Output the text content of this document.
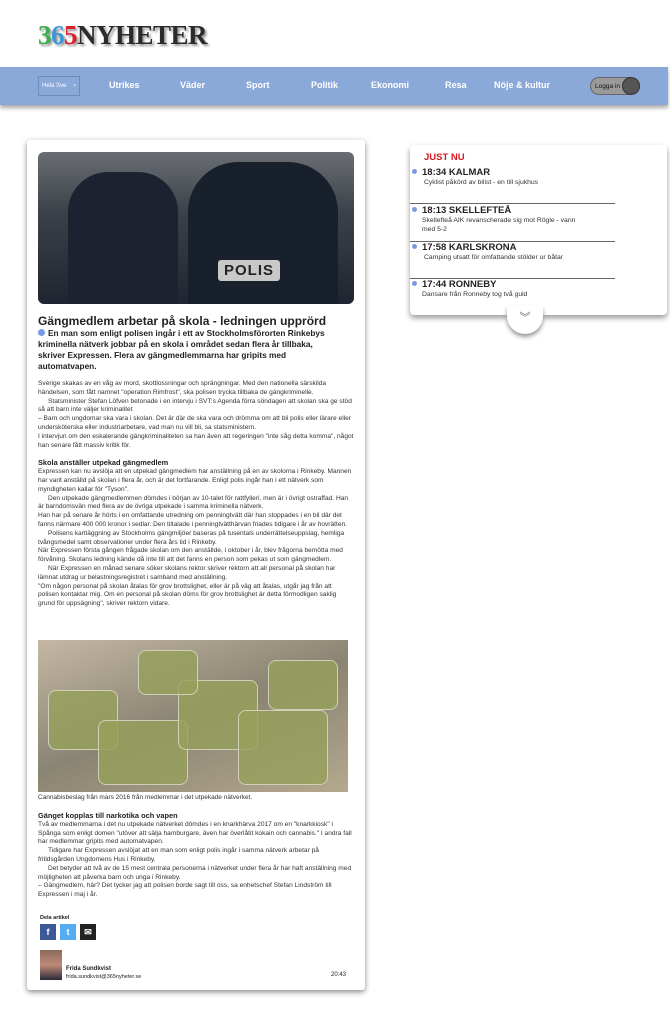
365NYHETER
Hela Sve ▼	Utrikes	Väder	Sport	Politik	Ekonomi	Resa	Nöje & kultur	Logga in
POLIS
Gängmedlem arbetar på skola - ledningen upprörd
En man som enligt polisen ingår i ett av Stockholmsförorten Rinkebys kriminella nätverk jobbar på en skola i området sedan flera år tillbaka, skriver Expressen. Flera av gängmedlemmarna har gripits med automatvapen.

Sverige skakas av en våg av mord, skottlossningar och sprängningar. Med den nationella särskilda händelsen, som fått namnet "operation Rimfrost", ska polisen trycka tillbaka de gängkriminelle.

Statsminister Stefan Löfven betonade i en intervju i SVT:s Agenda förra söndagen att skolan ska ge stöd så att barn inte väljer kriminalitet

– Barn och ungdomar ska vara i skolan. Det är där de ska vara och drömma om att bli polis eller lärare eller undersköterska eller industriarbetare, vad man nu vill bli, sa statsministern.

I intervjun om den eskalerande gängkriminaliteten sa han även att regeringen "inte såg detta komma", något han senare fått massiv kritik för.

Skola anställer utpekad gängmedlem

Expressen kan nu avslöja att en utpekad gängmedlem har anställning på en av skolorna i Rinkeby. Mannen har varit anställd på skolan i flera år, och är det fortfarande. Enligt polis ingår han i ett nätverk som myndigheten kallar för "Tyson".

Den utpekade gängmedlemmen dömdes i början av 10-talet för rattfylleri, men är i övrigt ostraffad. Han är barndomsvän med flera av de övriga utpekade i samma kriminella nätverk.

Han har på senare år hörts i en omfattande utredning om penningtvätt där han stoppades i en bil där det fanns närmare 400 000 kronor i sedlar. Den tiltalade i penningtvätthärvan friades tidigare i år av hovrätten.

Polisens kartläggning av Stockholms gängmiljöer baseras på tusentals underrättelseuppslag, hemliga tvångsmedel samt observationer under flera års tid i Rinkeby.

När Expressen första gången frågade skolan om den anställde, i oktober i år, blev frågorna bemötta med förvåning. Skolans ledning kände då inte till att det fanns en person som pekas ut som gängmedlem.

När Expressen en månad senare söker skolans rektor skriver rektorn att all personal på skolan har lämnat utdrag ur belastningsregistret i samband med anställning.

"Om någon personal på skolan åtalas för grov brottslighet, eller är på väg att åtalas, utgår jag från att polisen kontaktar mig. Om en personal på skolan döms för grov brottslighet är detta förmodligen saklig grund för uppsägning", skriver rektorn vidare.

Cannabisbeslag från mars 2016 från medlemmar i det utpekade nätverket.
Gänget kopplas till narkotika och vapen

Två av medlemmarna i det nu utpekade nätverket dömdes i en knarkhärva 2017 om en "knarkkiosk" i Spånga som enligt domen "utöver att sälja hamburgare, även har överlåtit kokain och cannabis." I andra fall har medlemmar gripits med automatvapen.

Tidigare har Expressen avslöjat att en man som enligt polis ingår i samma nätverk arbetar på fritidsgården Ungdomens Hus i Rinkeby.

Det betyder att två av de 15 mest centrala personerna i nätverket under flera år har haft anställning med möjligheten att påverka barn och unga i Rinkeby.

– Gängmedlem, här? Det tycker jag att polisen borde sagt till oss, sa enhetschef Stefan Lindström till Expressen i maj i år.

Dela artikel
f	t	✉
Frida Sundkvist
frida.sundkvist@365nyheter.se	20:43
JUST NU
18:34 KALMAR
Cyklist påkörd av bilist - en till sjukhus
18:13 SKELLEFTEÅ
Skellefteå AIK revanscherade sig mot Rögle - vann med 5-2
17:58 KARLSKRONA
Camping utsatt för omfattande stölder ur båtar
17:44 RONNEBY
Dansare från Ronneby tog två guld
︾
